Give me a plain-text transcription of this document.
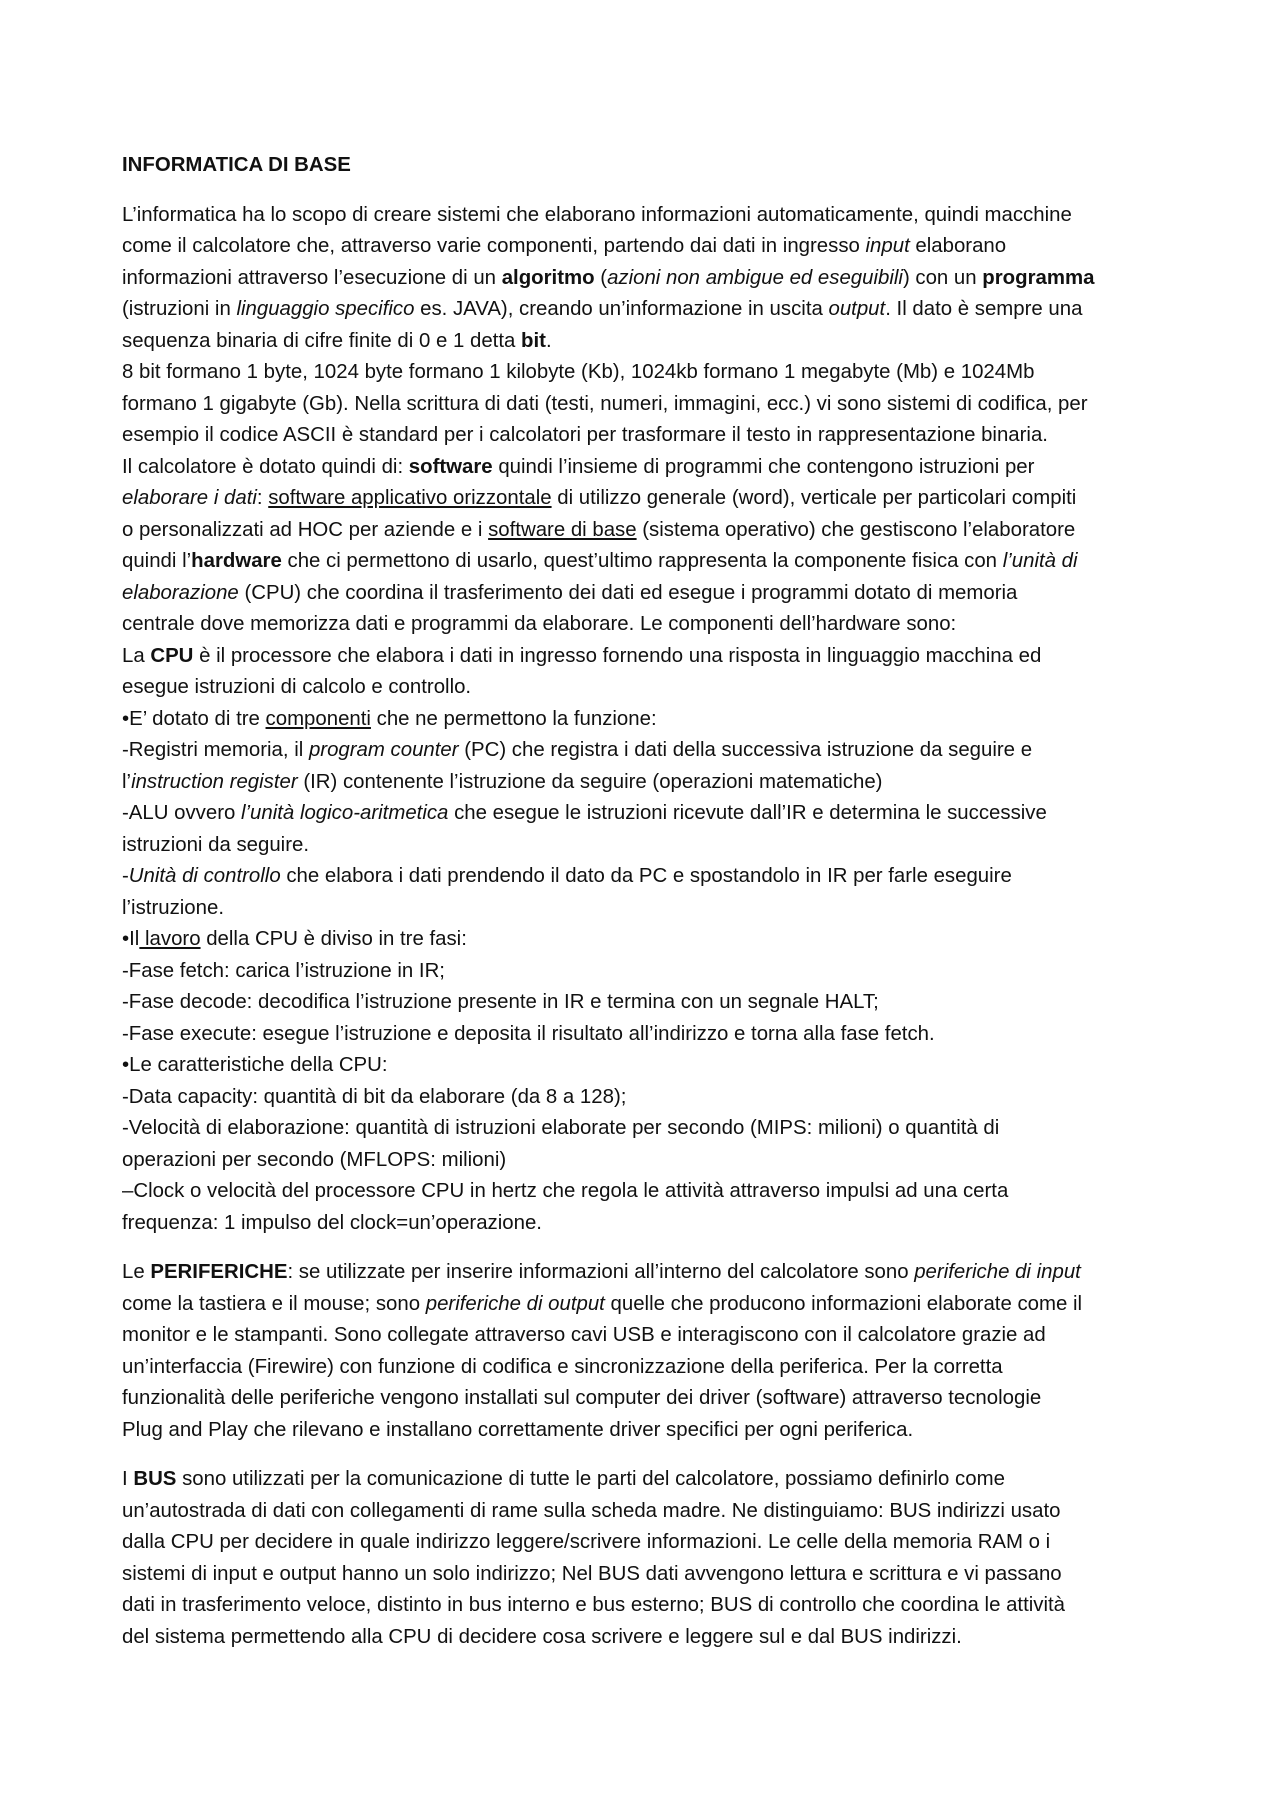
INFORMATICA DI BASE
L’informatica ha lo scopo di creare sistemi che elaborano informazioni automaticamente, quindi macchine
come il calcolatore che, attraverso varie componenti, partendo dai dati in ingresso input elaborano
informazioni attraverso l’esecuzione di un algoritmo (azioni non ambigue ed eseguibili) con un programma
(istruzioni in linguaggio specifico es. JAVA), creando un’informazione in uscita output. Il dato è sempre una
sequenza binaria di cifre finite di 0 e 1 detta bit.
8 bit formano 1 byte, 1024 byte formano 1 kilobyte (Kb), 1024kb formano 1 megabyte (Mb) e 1024Mb
formano 1 gigabyte (Gb). Nella scrittura di dati (testi, numeri, immagini, ecc.) vi sono sistemi di codifica, per
esempio il codice ASCII è standard per i calcolatori per trasformare il testo in rappresentazione binaria.
Il calcolatore è dotato quindi di: software quindi l’insieme di programmi che contengono istruzioni per
elaborare i dati: software applicativo orizzontale di utilizzo generale (word), verticale per particolari compiti
o personalizzati ad HOC per aziende e i software di base (sistema operativo) che gestiscono l’elaboratore
quindi l’hardware che ci permettono di usarlo, quest’ultimo rappresenta la componente fisica con l’unità di
elaborazione (CPU) che coordina il trasferimento dei dati ed esegue i programmi dotato di memoria
centrale dove memorizza dati e programmi da elaborare. Le componenti dell’hardware sono:
La CPU è il processore che elabora i dati in ingresso fornendo una risposta in linguaggio macchina ed
esegue istruzioni di calcolo e controllo.
•E’ dotato di tre componenti che ne permettono la funzione:
-Registri memoria, il program counter (PC) che registra i dati della successiva istruzione da seguire e
l’instruction register (IR) contenente l’istruzione da seguire (operazioni matematiche)
-ALU ovvero l’unità logico-aritmetica che esegue le istruzioni ricevute dall’IR e determina le successive
istruzioni da seguire.
-Unità di controllo che elabora i dati prendendo il dato da PC e spostandolo in IR per farle eseguire
l’istruzione.
•Il lavoro della CPU è diviso in tre fasi:
-Fase fetch: carica l’istruzione in IR;
-Fase decode: decodifica l’istruzione presente in IR e termina con un segnale HALT;
-Fase execute: esegue l’istruzione e deposita il risultato all’indirizzo e torna alla fase fetch.
•Le caratteristiche della CPU:
-Data capacity: quantità di bit da elaborare (da 8 a 128);
-Velocità di elaborazione: quantità di istruzioni elaborate per secondo (MIPS: milioni) o quantità di
operazioni per secondo (MFLOPS: milioni)
–Clock o velocità del processore CPU in hertz che regola le attività attraverso impulsi ad una certa
frequenza: 1 impulso del clock=un’operazione.
Le PERIFERICHE: se utilizzate per inserire informazioni all’interno del calcolatore sono periferiche di input
come la tastiera e il mouse; sono periferiche di output quelle che producono informazioni elaborate come il
monitor e le stampanti. Sono collegate attraverso cavi USB e interagiscono con il calcolatore grazie ad
un’interfaccia (Firewire) con funzione di codifica e sincronizzazione della periferica. Per la corretta
funzionalità delle periferiche vengono installati sul computer dei driver (software) attraverso tecnologie
Plug and Play che rilevano e installano correttamente driver specifici per ogni periferica.
I BUS sono utilizzati per la comunicazione di tutte le parti del calcolatore, possiamo definirlo come
un’autostrada di dati con collegamenti di rame sulla scheda madre. Ne distinguiamo: BUS indirizzi usato
dalla CPU per decidere in quale indirizzo leggere/scrivere informazioni. Le celle della memoria RAM o i
sistemi di input e output hanno un solo indirizzo; Nel BUS dati avvengono lettura e scrittura e vi passano
dati in trasferimento veloce, distinto in bus interno e bus esterno; BUS di controllo che coordina le attività
del sistema permettendo alla CPU di decidere cosa scrivere e leggere sul e dal BUS indirizzi.
